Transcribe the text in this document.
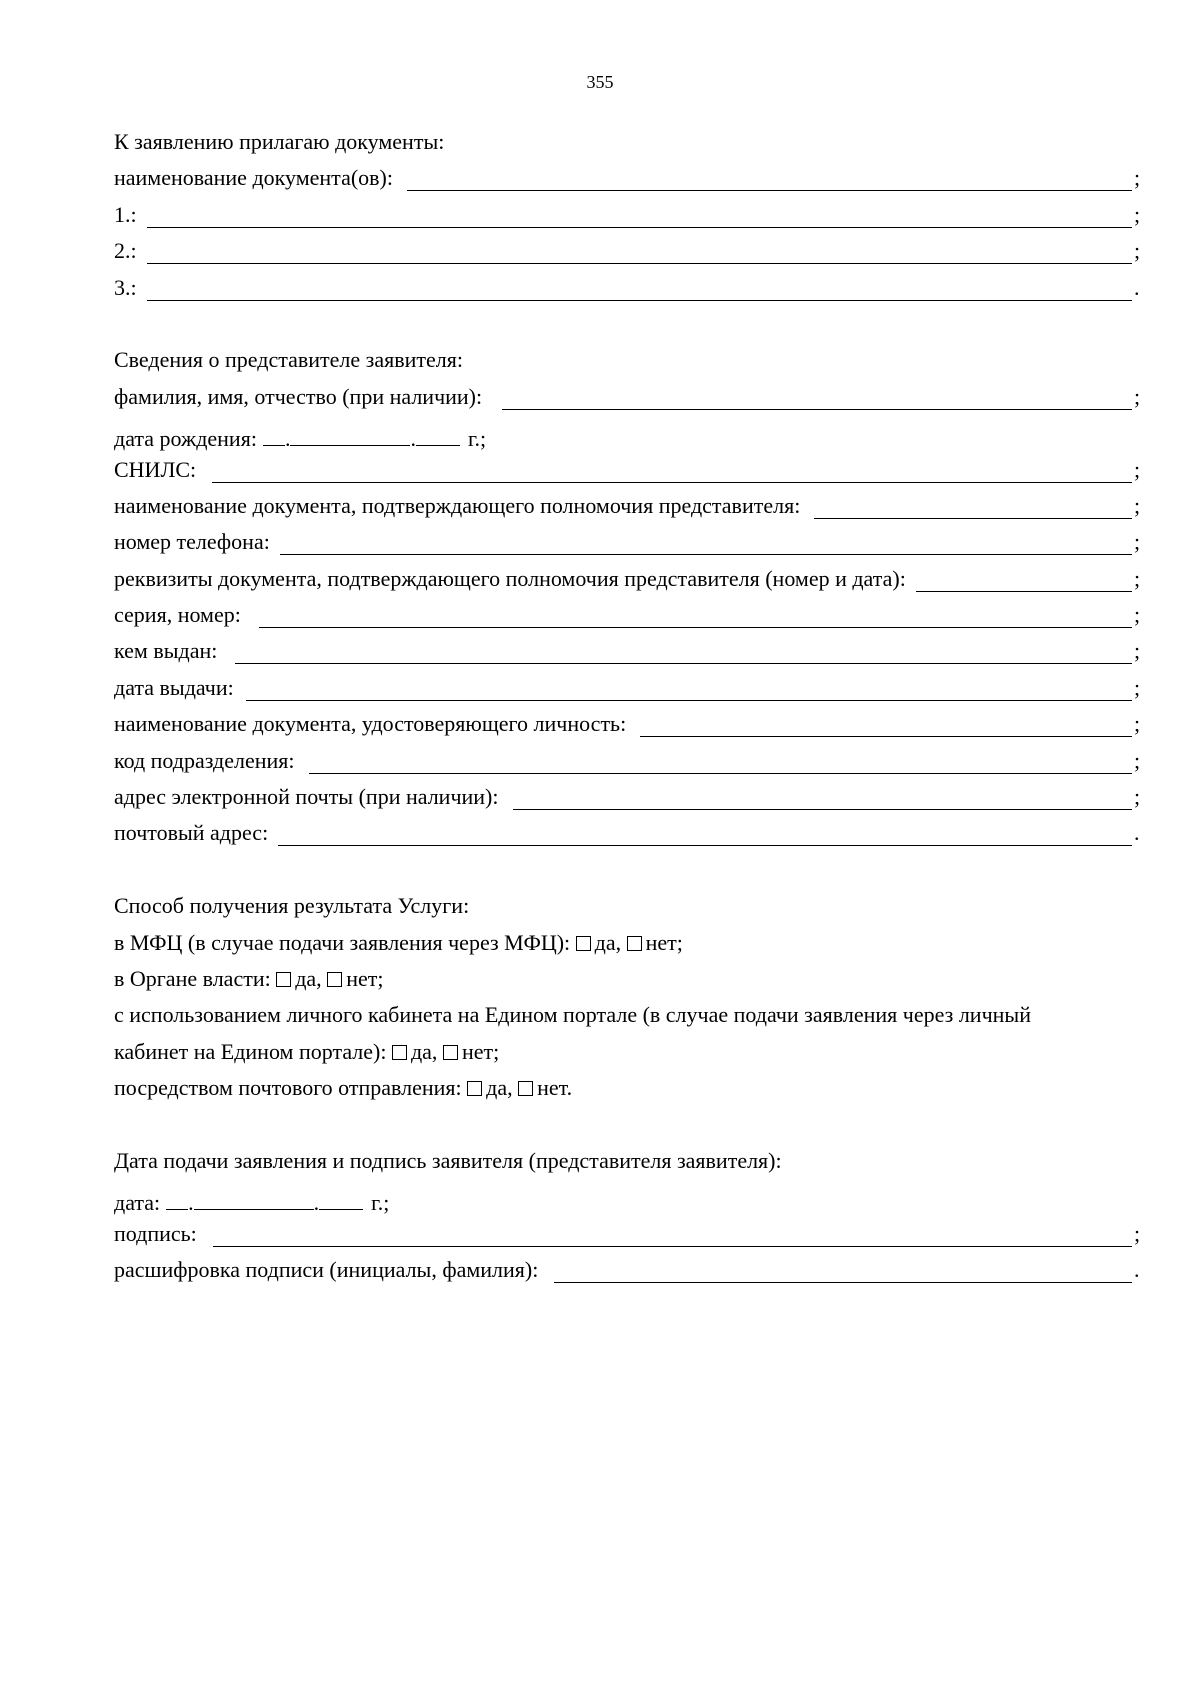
355
К заявлению прилагаю документы:
наименование документа(ов):	;
1.:	;
2.:	;
3.:	.
Сведения о представителе заявителя:
фамилия, имя, отчество (при наличии):	;
дата рождения: .	. г.;
СНИЛС:	;
наименование документа, подтверждающего полномочия представителя:	;
номер телефона:	;
реквизиты документа, подтверждающего полномочия представителя (номер и дата):	;
серия, номер:	;
кем выдан:	;
дата выдачи:	;
наименование документа, удостоверяющего личность:	;
код подразделения:	;
адрес электронной почты (при наличии):	;
почтовый адрес:	.
Способ получения результата Услуги:
в МФЦ (в случае подачи заявления через МФЦ): да, нет;
в Органе власти: да, нет;
с использованием личного кабинета на Едином портале (в случае подачи заявления через личный
кабинет на Едином портале): да, нет;
посредством почтового отправления: да, нет.
Дата подачи заявления и подпись заявителя (представителя заявителя):
дата: .	. г.;
подпись:	;
расшифровка подписи (инициалы, фамилия):	.
